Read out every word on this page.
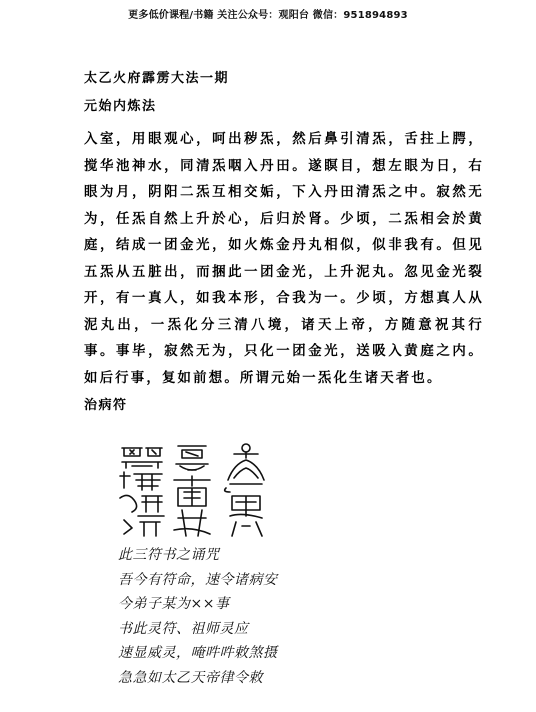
更多低价课程/书籍 关注公众号：观阳台 微信：951894893
太乙火府霹雳大法一期
元始内炼法

入室，用眼观心，呵出秽炁，然后鼻引清炁，舌拄上腭，搅华池神水，同清炁咽入丹田。遂瞑目，想左眼为日，右眼为月，阴阳二炁互相交姤，下入丹田清炁之中。寂然无为，任炁自然上升於心，后归於肾。少顷，二炁相会於黄庭，结成一团金光，如火炼金丹丸相似，似非我有。但见五炁从五脏出，而捆此一团金光，上升泥丸。忽见金光裂开，有一真人，如我本形，合我为一。少顷，方想真人从泥丸出，一炁化分三清八境，诸天上帝，方随意祝其行事。事毕，寂然无为，只化一团金光，送吸入黄庭之内。如后行事，复如前想。所谓元始一炁化生诸天者也。

治病符
此三符书之诵咒
吾今有符命，速令诸病安
今弟子某为××事
书此灵符、祖师灵应
速显威灵，唵吽吽敕煞摄
急急如太乙天帝律令敕
